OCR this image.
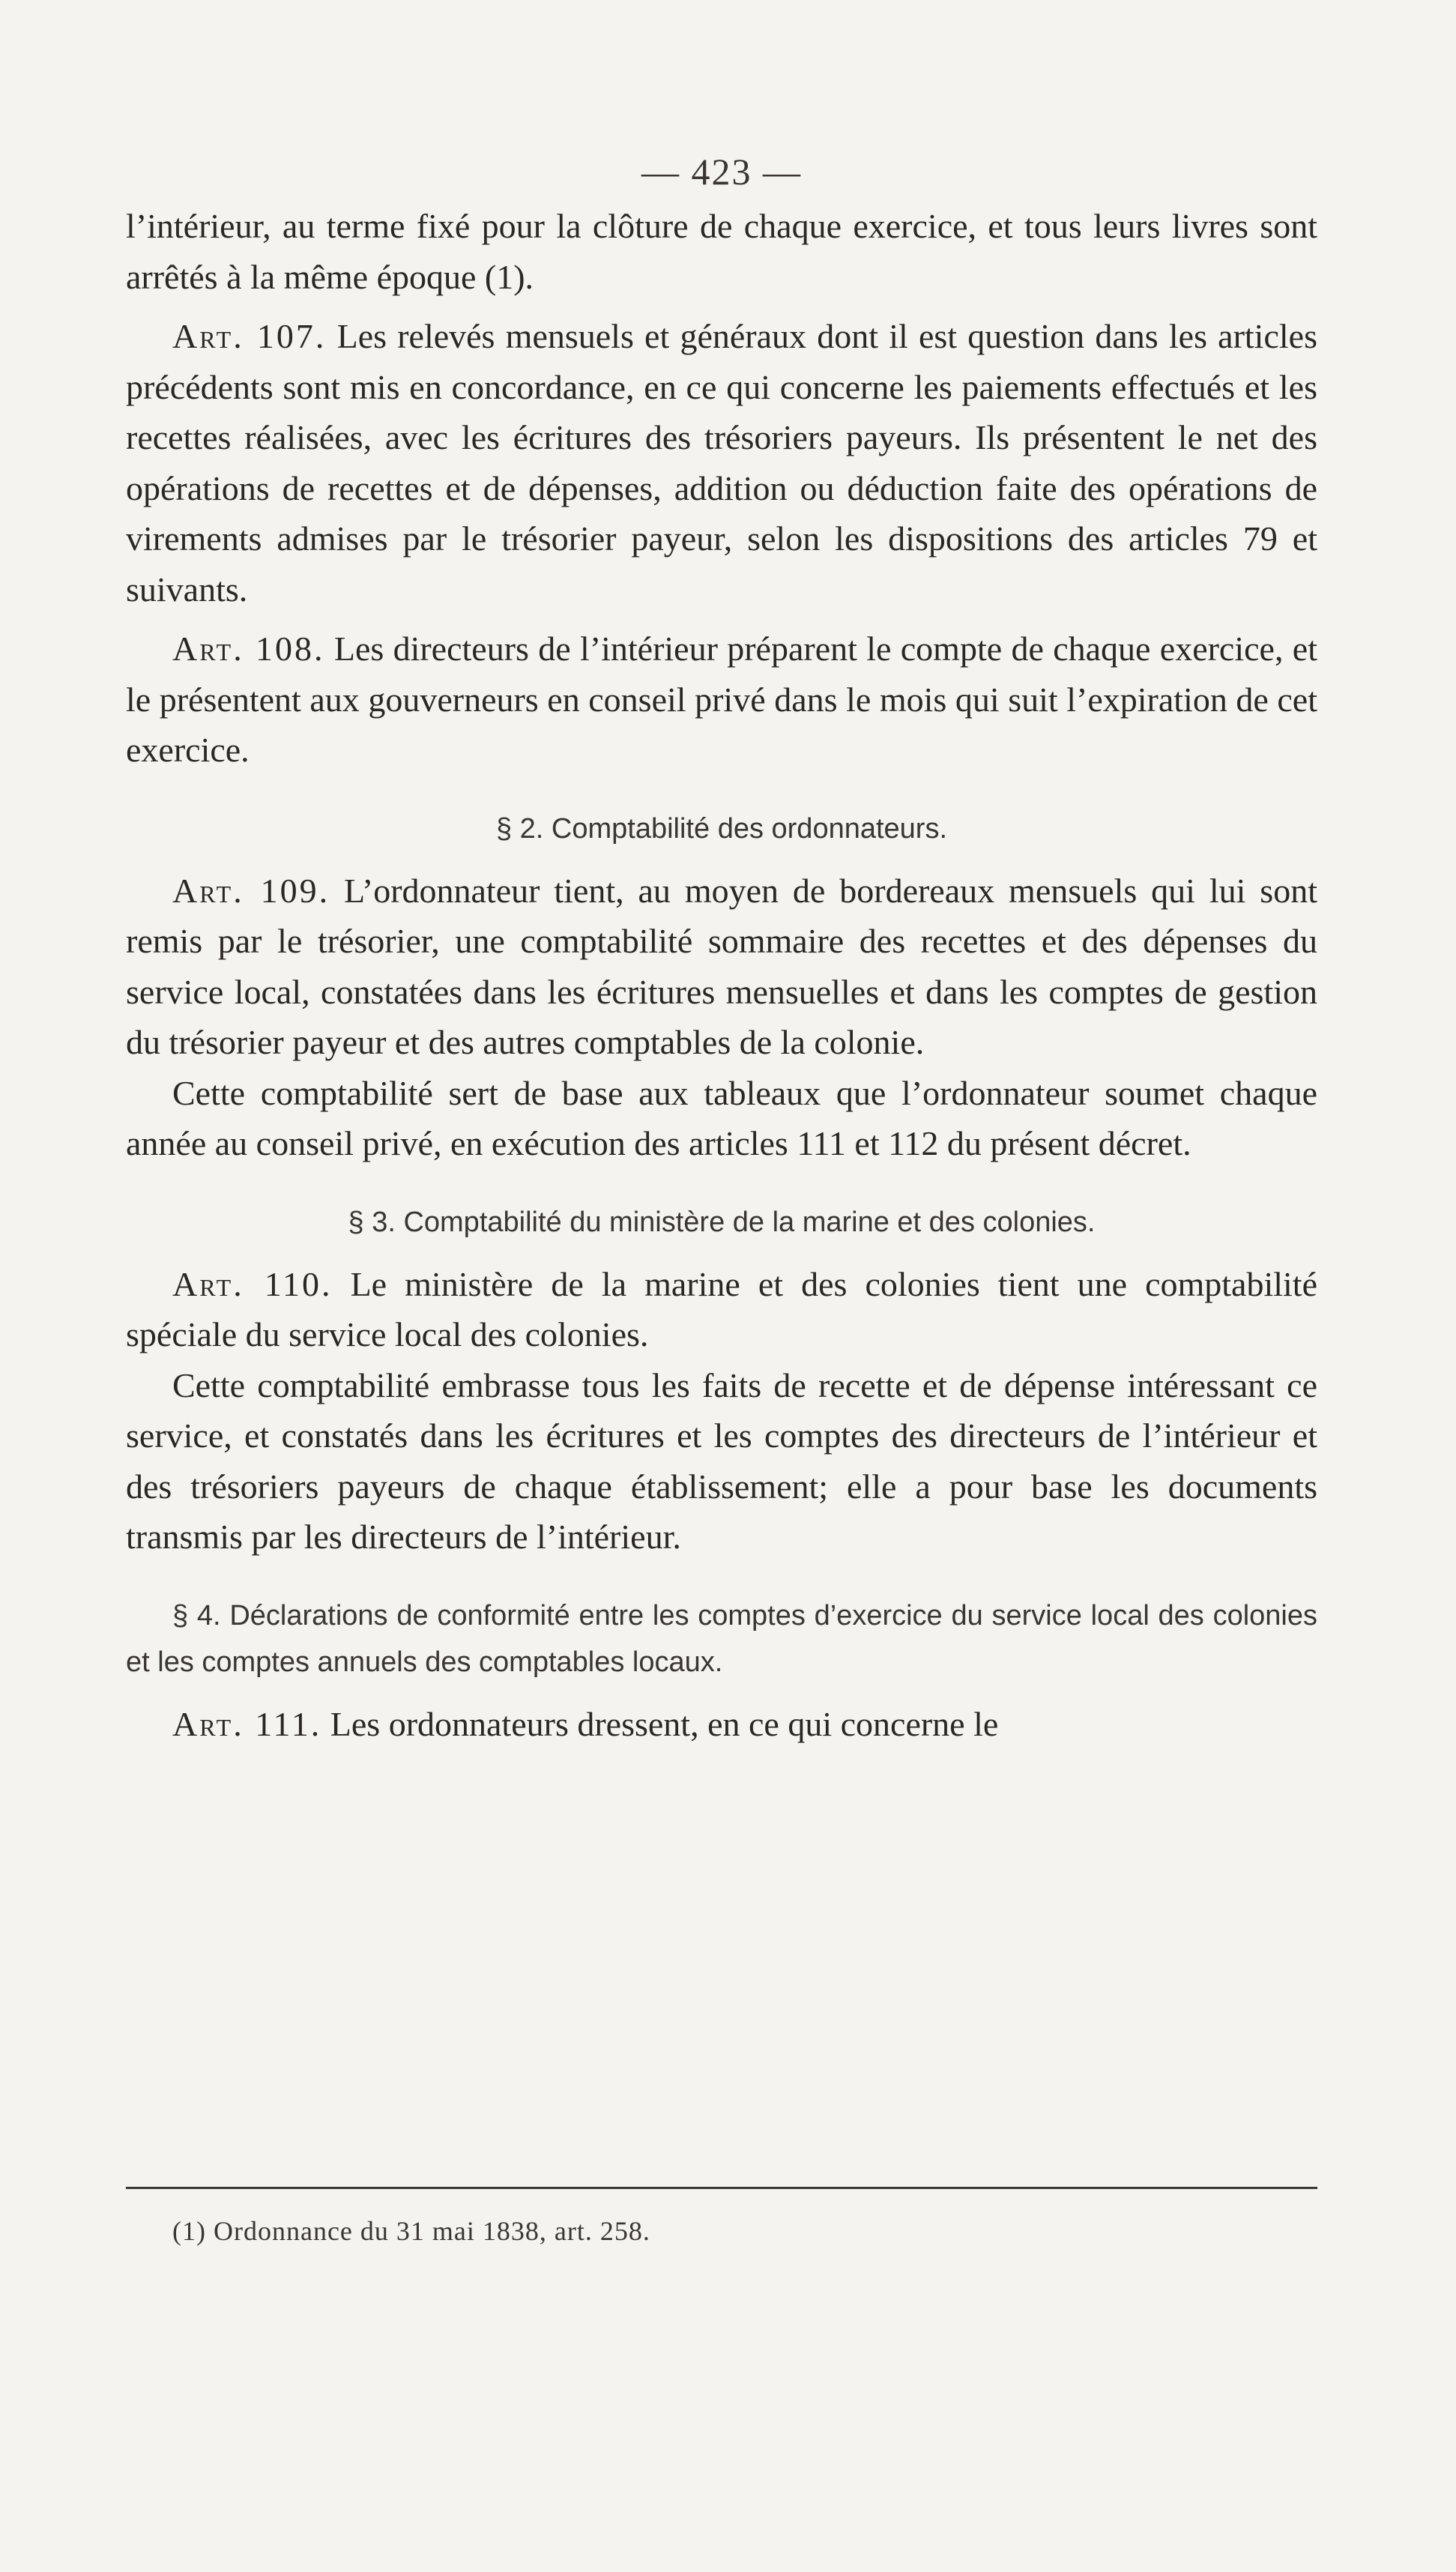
— 423 —

l’intérieur, au terme fixé pour la clôture de chaque exercice, et tous leurs livres sont arrêtés à la même époque (1).

Art. 107. Les relevés mensuels et généraux dont il est question dans les articles précédents sont mis en concordance, en ce qui concerne les paiements effectués et les recettes réalisées, avec les écritures des trésoriers payeurs. Ils présentent le net des opérations de recettes et de dépenses, addition ou déduction faite des opérations de virements admises par le trésorier payeur, selon les dispositions des articles 79 et suivants.

Art. 108. Les directeurs de l’intérieur préparent le compte de chaque exercice, et le présentent aux gouverneurs en conseil privé dans le mois qui suit l’expiration de cet exercice.

§ 2. Comptabilité des ordonnateurs.

Art. 109. L’ordonnateur tient, au moyen de bordereaux mensuels qui lui sont remis par le trésorier, une comptabilité sommaire des recettes et des dépenses du service local, constatées dans les écritures mensuelles et dans les comptes de gestion du trésorier payeur et des autres comptables de la colonie.

Cette comptabilité sert de base aux tableaux que l’ordonnateur soumet chaque année au conseil privé, en exécution des articles 111 et 112 du présent décret.

§ 3. Comptabilité du ministère de la marine et des colonies.

Art. 110. Le ministère de la marine et des colonies tient une comptabilité spéciale du service local des colonies.

Cette comptabilité embrasse tous les faits de recette et de dépense intéressant ce service, et constatés dans les écritures et les comptes des directeurs de l’intérieur et des trésoriers payeurs de chaque établissement; elle a pour base les documents transmis par les directeurs de l’intérieur.

§ 4. Déclarations de conformité entre les comptes d’exercice du service local des colonies et les comptes annuels des comptables locaux.

Art. 111. Les ordonnateurs dressent, en ce qui concerne le

(1) Ordonnance du 31 mai 1838, art. 258.
